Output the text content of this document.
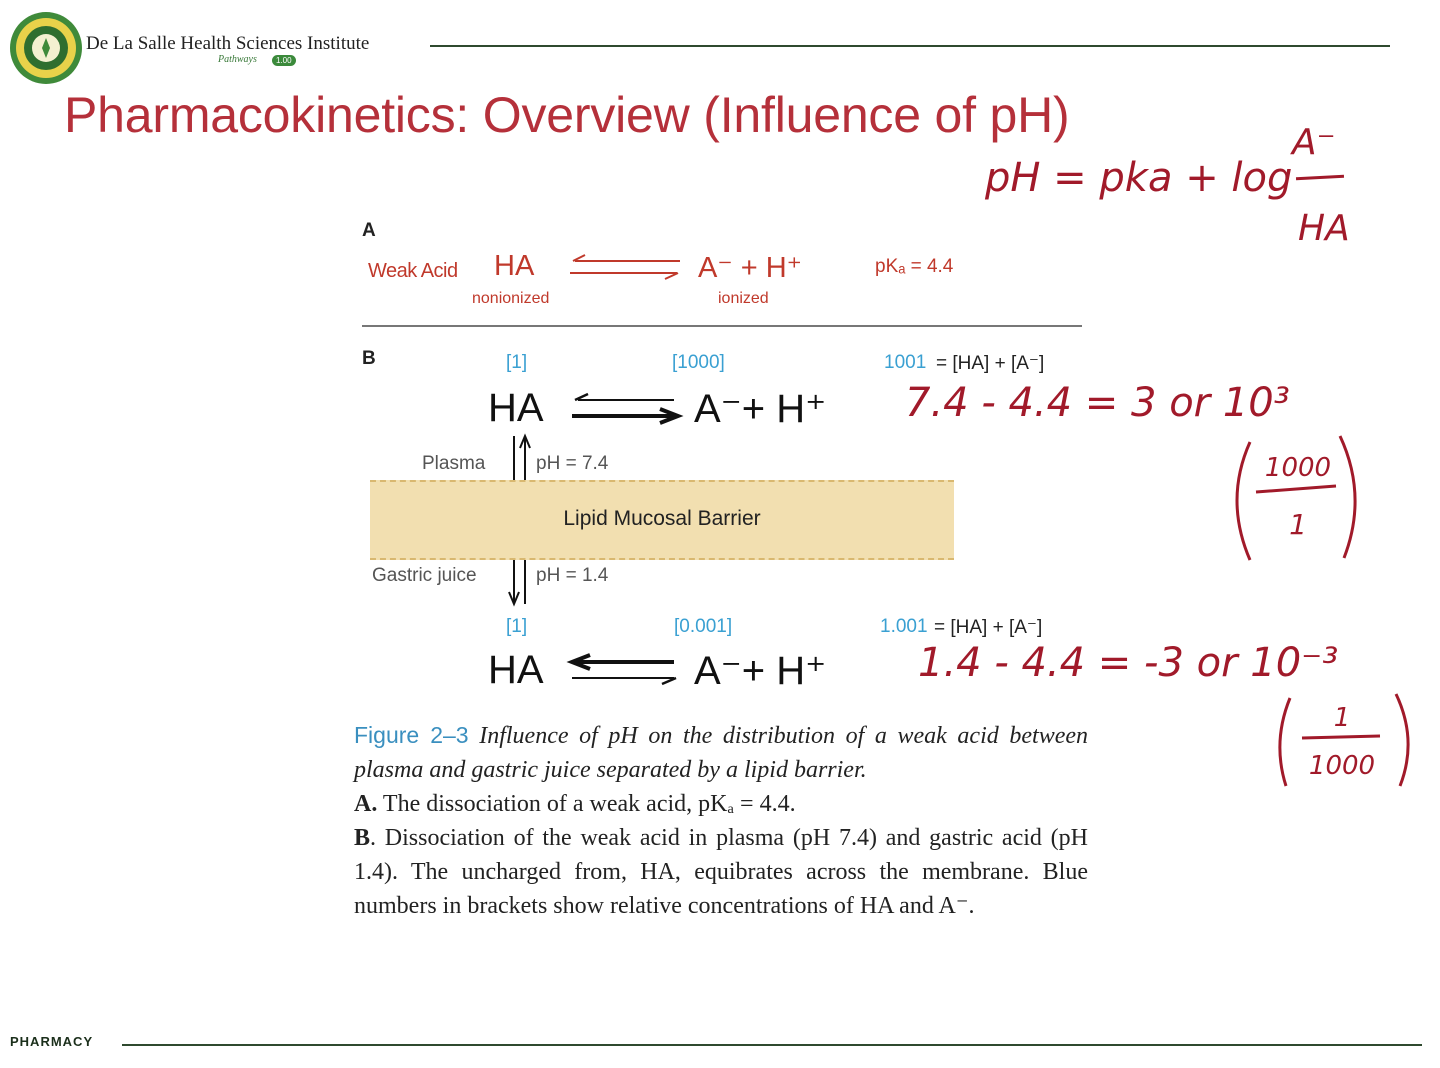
De La Salle Health Sciences Institute
Pathways	1.00
Pharmacokinetics: Overview (Influence of pH)
A
Weak Acid HA
nonionized
A⁻ + H⁺
ionized
pKₐ = 4.4
B	[1]	[1000]	1001 = [HA] + [A⁻]
HA	A⁻+ H⁺
Plasma	pH = 7.4
Lipid Mucosal Barrier
Gastric juice	pH = 1.4
[1]	[0.001]	1.001 = [HA] + [A⁻]
HA	A⁻+ H⁺
Figure 2–3 Influence of pH on the distribution of a weak acid between plasma and gastric juice separated by a lipid barrier.
A. The dissociation of a weak acid, pKₐ = 4.4.
B. Dissociation of the weak acid in plasma (pH 7.4) and gastric acid (pH 1.4). The uncharged from, HA, equibrates across the membrane. Blue numbers in brackets show relative concentrations of HA and A⁻.
pH = pka + log
A⁻
HA
7.4 - 4.4 = 3 or 10³
1000
1
1.4 - 4.4 = -3 or 10⁻³
1
1000
PHARMACY
